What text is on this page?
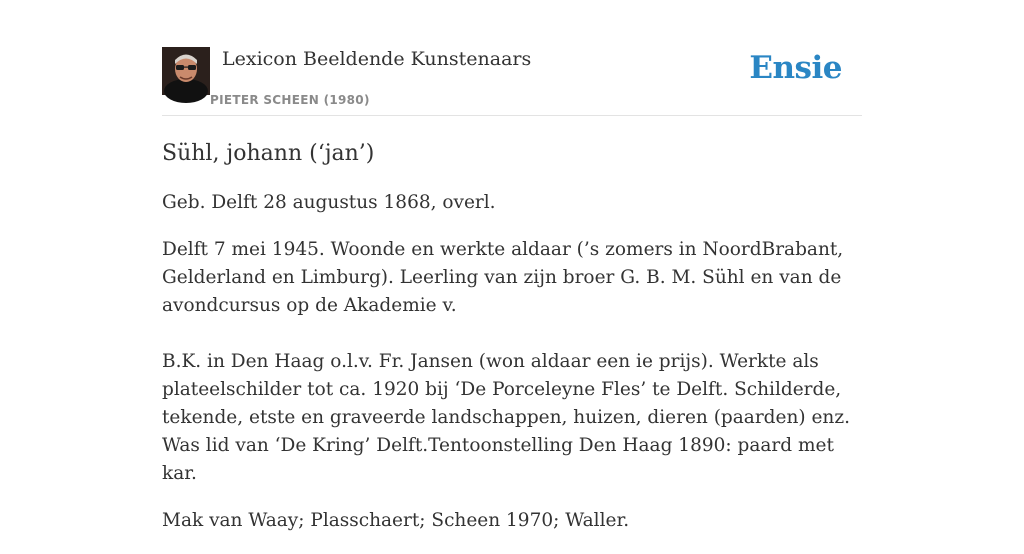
Lexicon Beeldende Kunstenaars
PIETER SCHEEN (1980)
Ensie
Sühl, johann (‘jan’)

Geb. Delft 28 augustus 1868, overl.

Delft 7 mei 1945. Woonde en werkte aldaar (’s zomers in NoordBrabant, Gelderland en Limburg). Leerling van zijn broer G. B. M. Sühl en van de avondcursus op de Akademie v.

B.K. in Den Haag o.l.v. Fr. Jansen (won aldaar een ie prijs). Werkte als plateelschilder tot ca. 1920 bij ‘De Porceleyne Fles’ te Delft. Schilderde, tekende, etste en graveerde landschappen, huizen, dieren (paarden) enz. Was lid van ‘De Kring’ Delft.Tentoonstelling Den Haag 1890: paard met kar.

Mak van Waay; Plasschaert; Scheen 1970; Waller.
